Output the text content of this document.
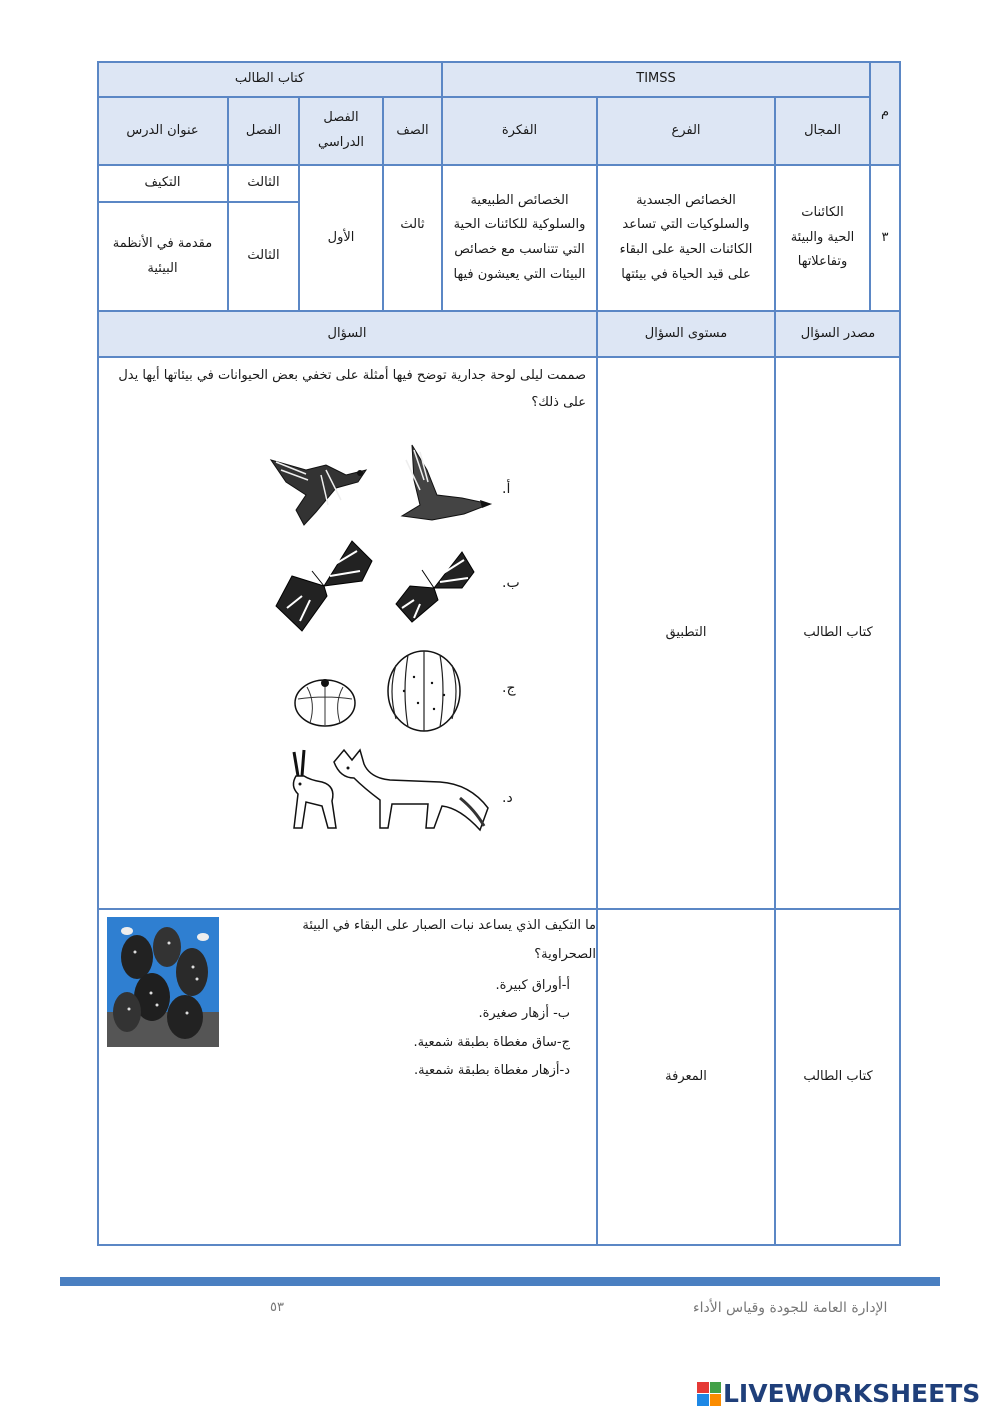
TIMSS
كتاب الطالب
م
المجال
الفرع
الفكرة
الصف
الفصل الدراسي
الفصل
عنوان الدرس
٣
الكائنات الحية والبيئة وتفاعلاتها
الخصائص الجسدية والسلوكيات التي تساعد الكائنات الحية على البقاء على قيد الحياة في بيئتها
الخصائص الطبيعية والسلوكية للكائنات الحية التي تتناسب مع خصائص البيئات التي يعيشون فيها
ثالث
الأول
الثالث
التكيف
الثالث
مقدمة في الأنظمة البيئية
مصدر السؤال
مستوى السؤال
السؤال
كتاب الطالب
التطبيق
صممت ليلى لوحة جدارية توضح فيها أمثلة على تخفي بعض الحيوانات في بيئاتها أيها يدل على ذلك؟
أ.
ب.
ج.
د.
كتاب الطالب
المعرفة
ما التكيف الذي يساعد نبات الصبار على البقاء في البيئة الصحراوية؟
أ-أوراق كبيرة.
ب- أزهار صغيرة.
ج-ساق مغطاة بطبقة شمعية.
د-أزهار مغطاة بطبقة شمعية.
الإدارة العامة للجودة وقياس الأداء
٥٣
LIVEWORKSHEETS
